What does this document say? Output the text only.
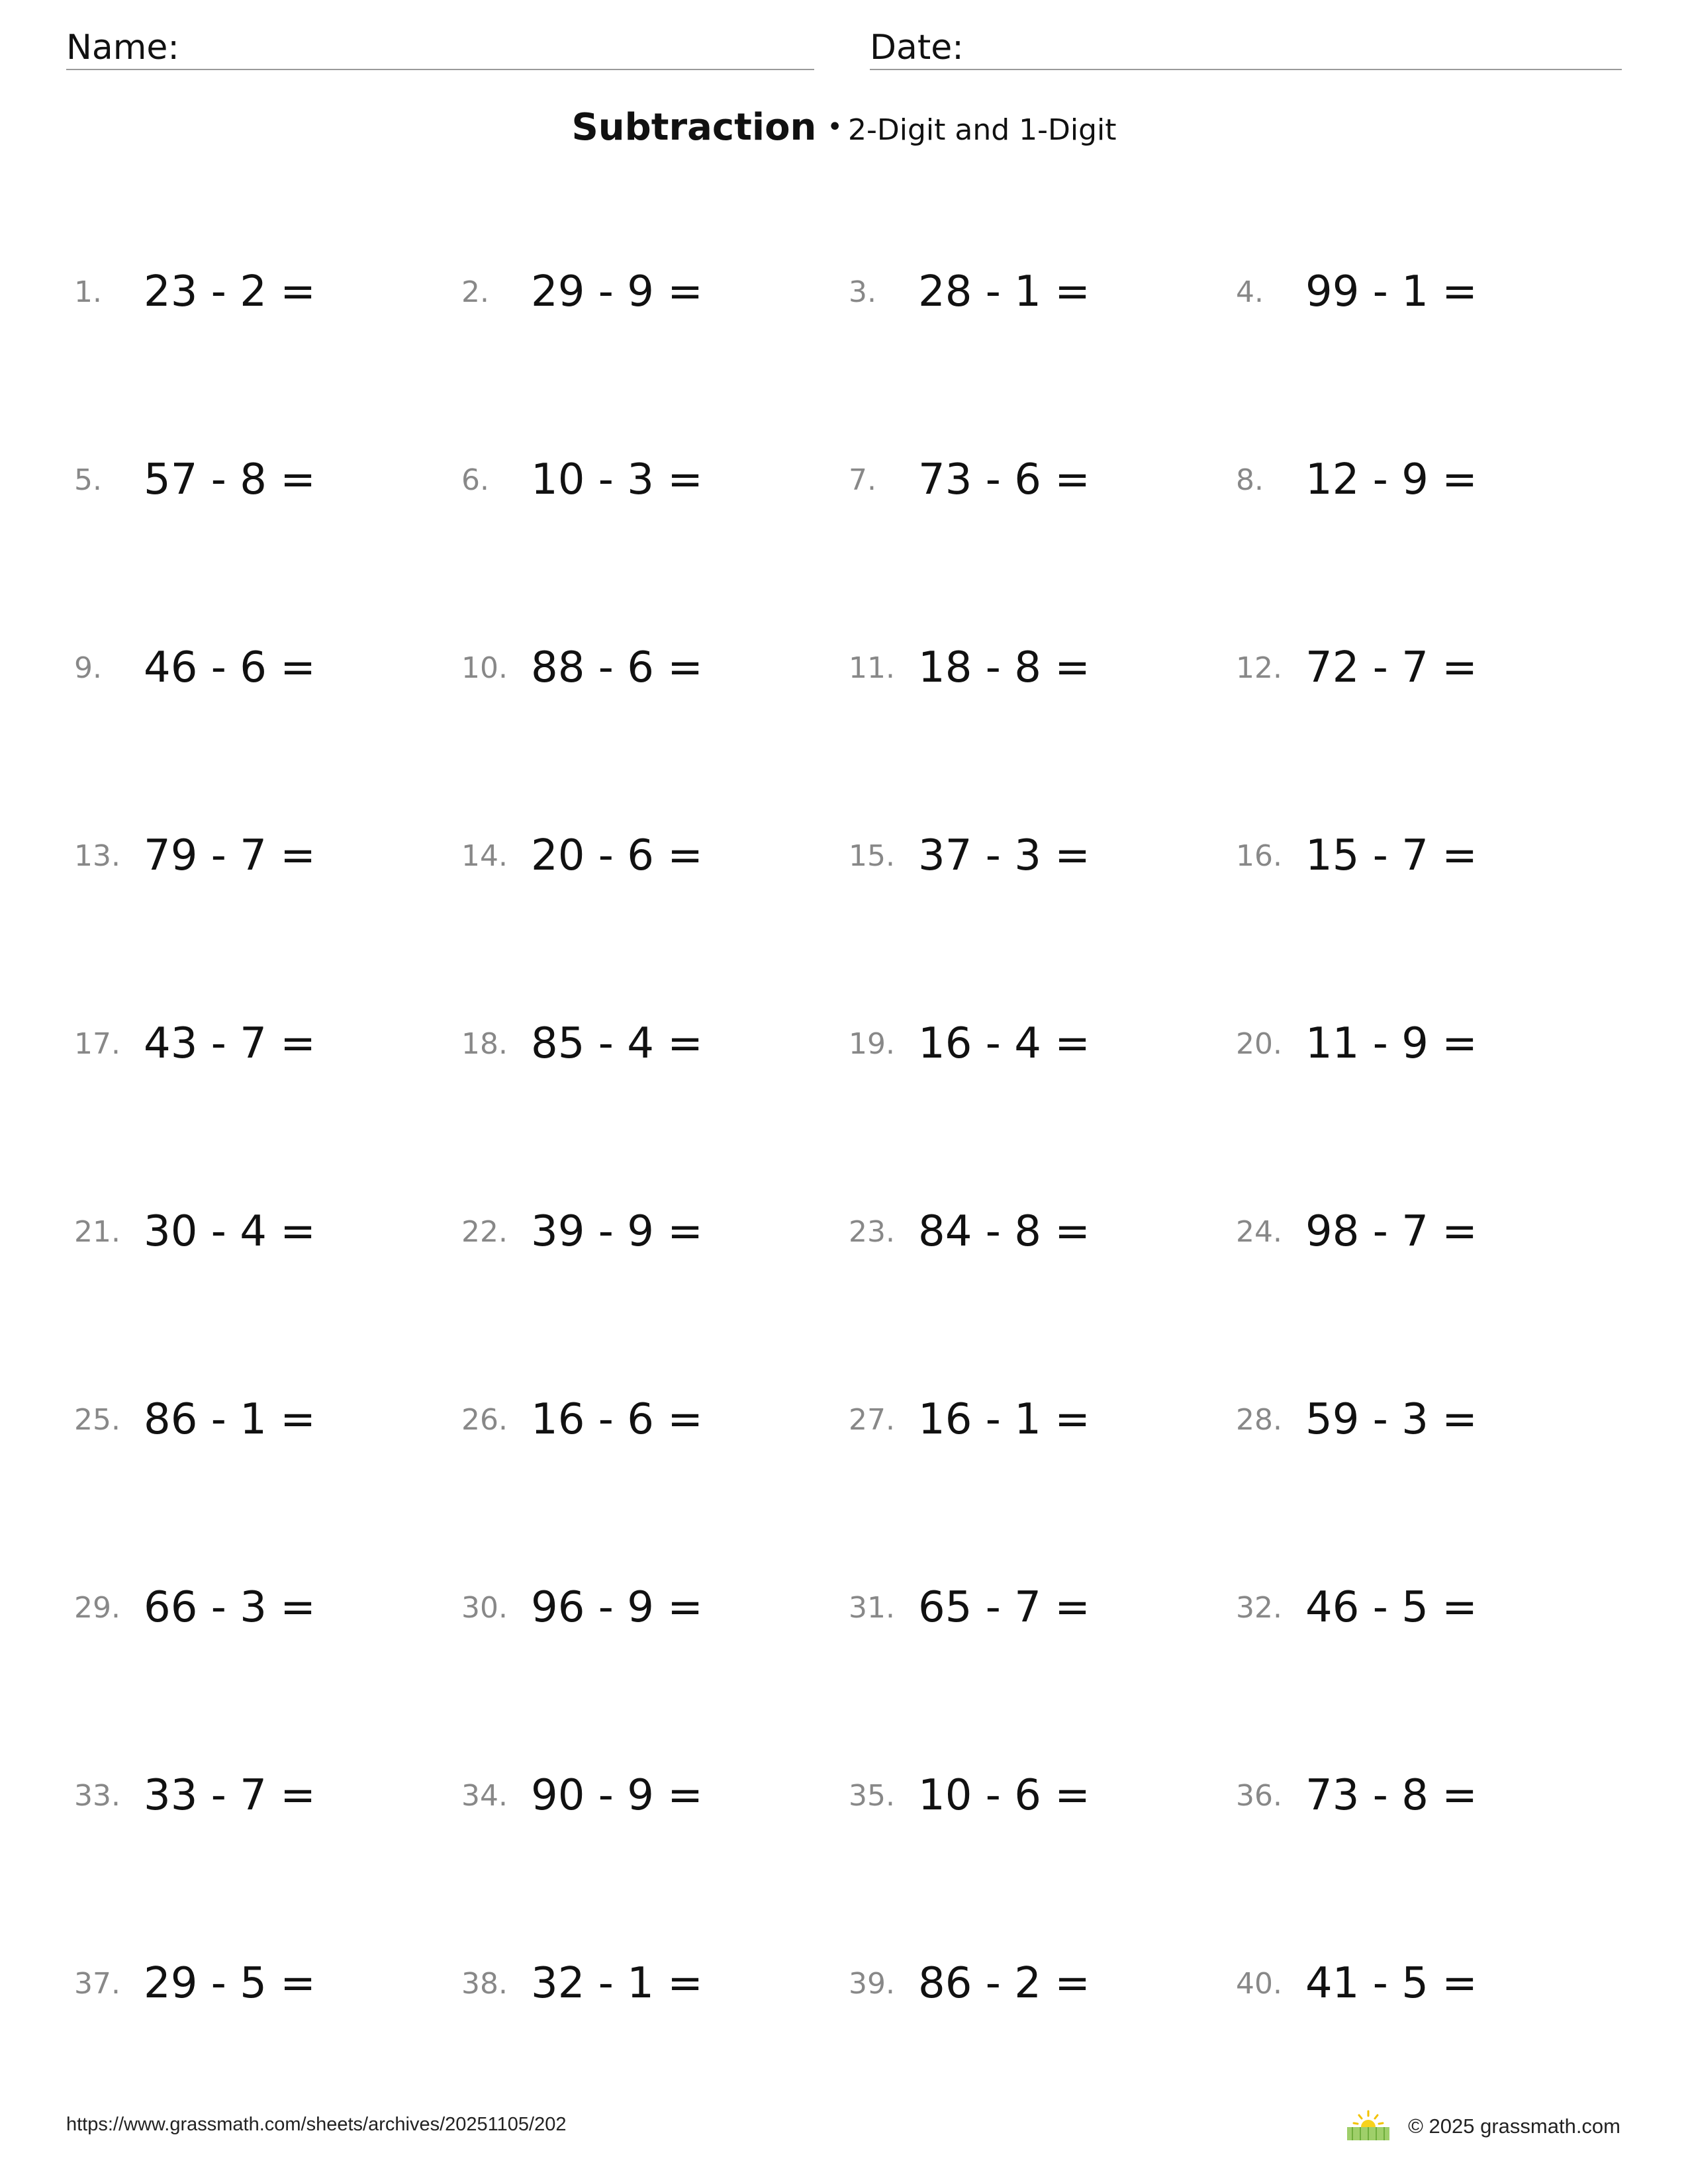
Name:	Date:
Subtraction • 2-Digit and 1-Digit
1. 23 - 2 =	2. 29 - 9 =	3. 28 - 1 =	4. 99 - 1 =
5. 57 - 8 =	6. 10 - 3 =	7. 73 - 6 =	8. 12 - 9 =
9. 46 - 6 =	10. 88 - 6 =	11. 18 - 8 =	12. 72 - 7 =
13. 79 - 7 =	14. 20 - 6 =	15. 37 - 3 =	16. 15 - 7 =
17. 43 - 7 =	18. 85 - 4 =	19. 16 - 4 =	20. 11 - 9 =
21. 30 - 4 =	22. 39 - 9 =	23. 84 - 8 =	24. 98 - 7 =
25. 86 - 1 =	26. 16 - 6 =	27. 16 - 1 =	28. 59 - 3 =
29. 66 - 3 =	30. 96 - 9 =	31. 65 - 7 =	32. 46 - 5 =
33. 33 - 7 =	34. 90 - 9 =	35. 10 - 6 =	36. 73 - 8 =
37. 29 - 5 =	38. 32 - 1 =	39. 86 - 2 =	40. 41 - 5 =
https://www.grassmath.com/sheets/archives/20251105/202	© 2025 grassmath.com
